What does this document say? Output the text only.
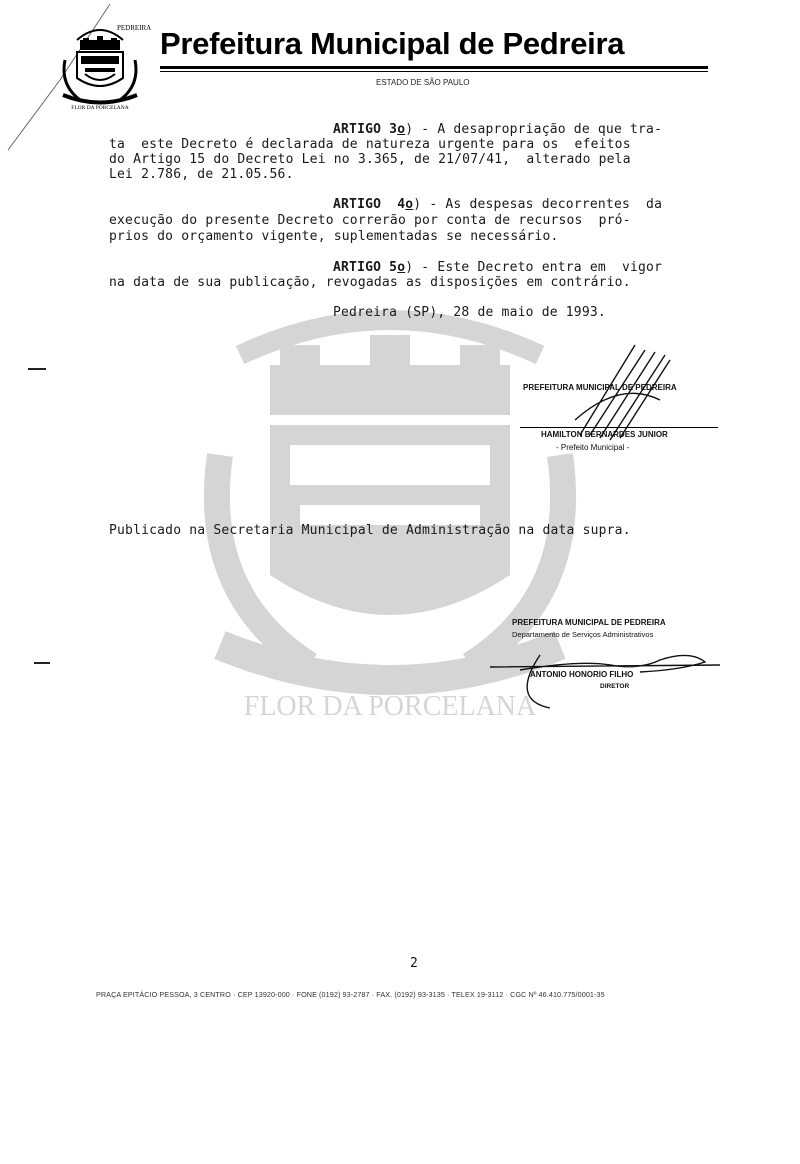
FLOR DA PORCELANA
PEDREIRA Prefeitura Municipal de Pedreira
ESTADO DE SÃO PAULO
FLOR DA PORCELANA
ARTIGO 3o) - A desapropriação de que tra-
ta  este Decreto é declarada de natureza urgente para os  efeitos
do Artigo 15 do Decreto Lei no 3.365, de 21/07/41,  alterado pela
Lei 2.786, de 21.05.56.
ARTIGO  4o) - As despesas decorrentes  da
execução do presente Decreto correrão por conta de recursos  pró-
prios do orçamento vigente, suplementadas se necessário.
ARTIGO 5o) - Este Decreto entra em  vigor
na data de sua publicação, revogadas as disposições em contrário.
Pedreira (SP), 28 de maio de 1993.
PREFEITURA MUNICIPAL DE PEDREIRA
HAMILTON BERNARDES JUNIOR
- Prefeito Municipal -
Publicado na Secretaria Municipal de Administração na data supra.
PREFEITURA MUNICIPAL DE PEDREIRA
Departamento de Serviços Administrativos
ANTONIO HONORIO FILHO
DIRETOR
2
PRAÇA EPITÁCIO PESSOA, 3 CENTRO · CEP 13920-000 · FONE (0192) 93-2787 · FAX. (0192) 93-3135 · TELEX 19-3112 · CGC Nº 46.410.775/0001-35
